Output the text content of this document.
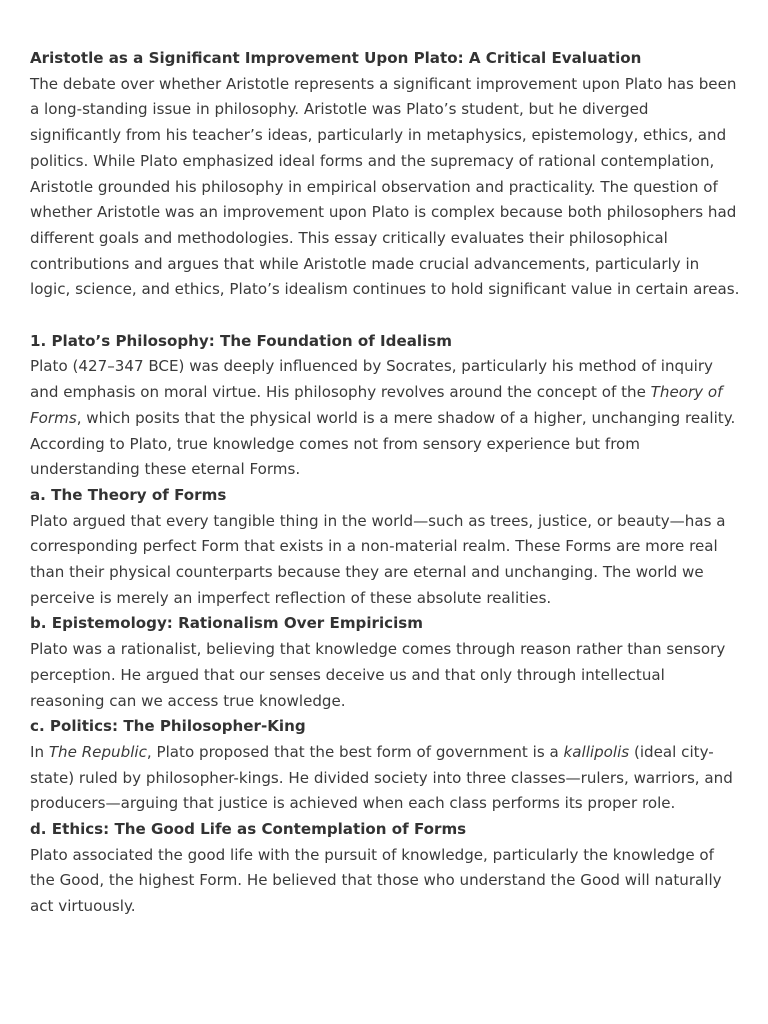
Aristotle as a Significant Improvement Upon Plato: A Critical Evaluation

The debate over whether Aristotle represents a significant improvement upon Plato has been a long-standing issue in philosophy. Aristotle was Plato’s student, but he diverged significantly from his teacher’s ideas, particularly in metaphysics, epistemology, ethics, and politics. While Plato emphasized ideal forms and the supremacy of rational contemplation, Aristotle grounded his philosophy in empirical observation and practicality. The question of whether Aristotle was an improvement upon Plato is complex because both philosophers had different goals and methodologies. This essay critically evaluates their philosophical contributions and argues that while Aristotle made crucial advancements, particularly in logic, science, and ethics, Plato’s idealism continues to hold significant value in certain areas.

1. Plato’s Philosophy: The Foundation of Idealism

Plato (427–347 BCE) was deeply influenced by Socrates, particularly his method of inquiry and emphasis on moral virtue. His philosophy revolves around the concept of the Theory of Forms, which posits that the physical world is a mere shadow of a higher, unchanging reality. According to Plato, true knowledge comes not from sensory experience but from understanding these eternal Forms.

a. The Theory of Forms

Plato argued that every tangible thing in the world—such as trees, justice, or beauty—has a corresponding perfect Form that exists in a non-material realm. These Forms are more real than their physical counterparts because they are eternal and unchanging. The world we perceive is merely an imperfect reflection of these absolute realities.

b. Epistemology: Rationalism Over Empiricism

Plato was a rationalist, believing that knowledge comes through reason rather than sensory perception. He argued that our senses deceive us and that only through intellectual reasoning can we access true knowledge.

c. Politics: The Philosopher-King

In The Republic, Plato proposed that the best form of government is a kallipolis (ideal city-state) ruled by philosopher-kings. He divided society into three classes—rulers, warriors, and producers—arguing that justice is achieved when each class performs its proper role.

d. Ethics: The Good Life as Contemplation of Forms

Plato associated the good life with the pursuit of knowledge, particularly the knowledge of the Good, the highest Form. He believed that those who understand the Good will naturally act virtuously.
